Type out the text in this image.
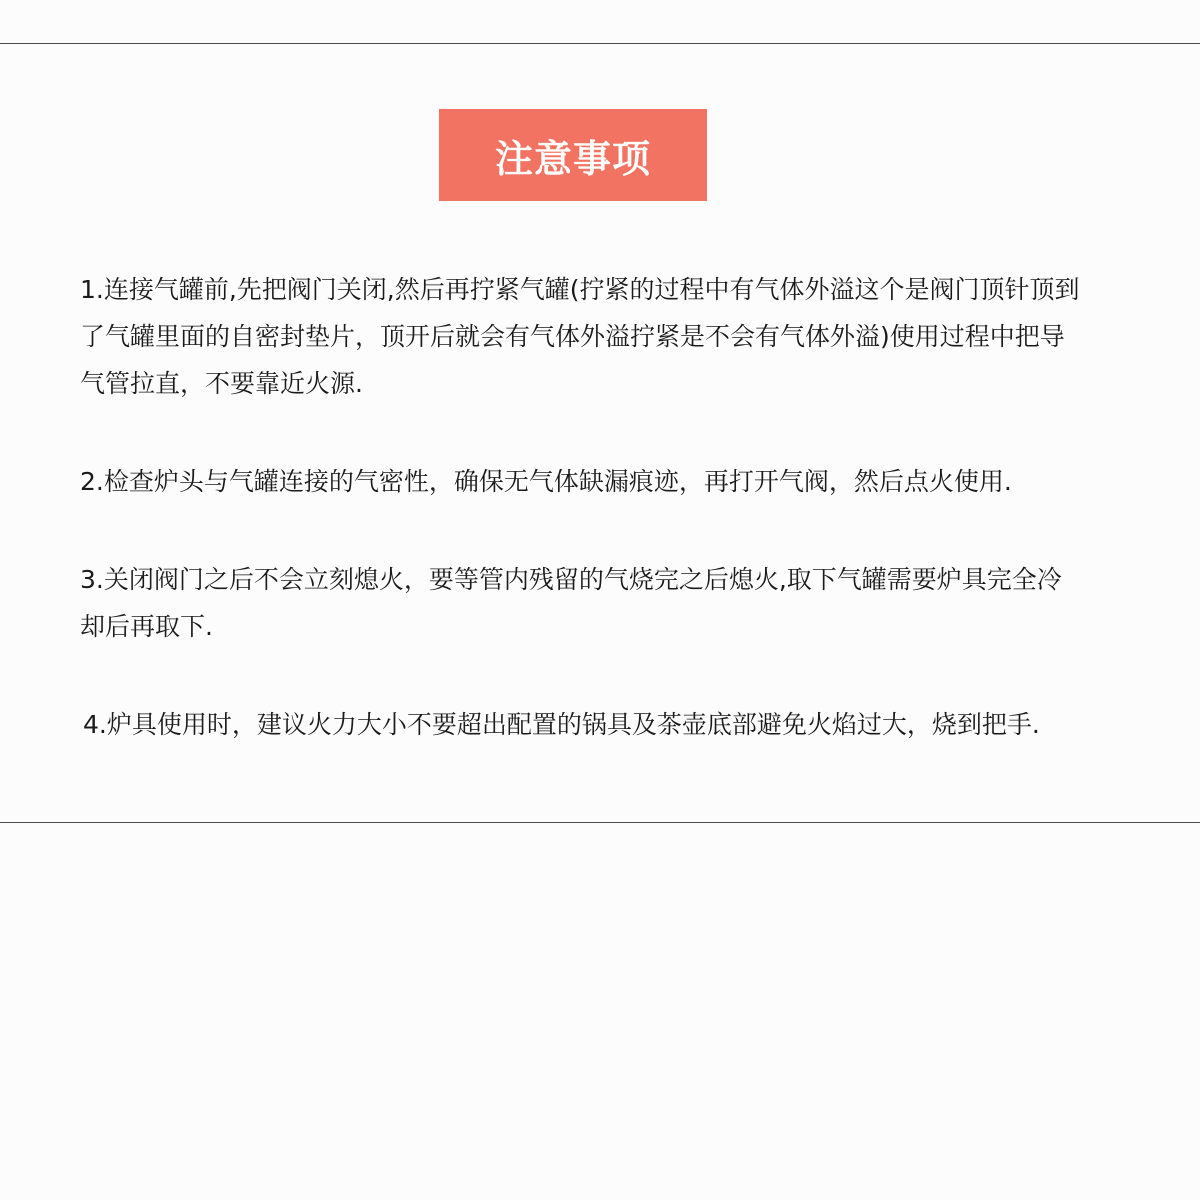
注意事项

1.连接气罐前,先把阀门关闭,然后再拧紧气罐(拧紧的过程中有气体外溢这个是阀门顶针顶到
了气罐里面的自密封垫片，顶开后就会有气体外溢拧紧是不会有气体外溢)使用过程中把导
气管拉直，不要靠近火源.

2.检查炉头与气罐连接的气密性，确保无气体缺漏痕迹，再打开气阀，然后点火使用.

3.关闭阀门之后不会立刻熄火，要等管内残留的气烧完之后熄火,取下气罐需要炉具完全冷
却后再取下.

4.炉具使用时，建议火力大小不要超出配置的锅具及茶壶底部避免火焰过大，烧到把手.
